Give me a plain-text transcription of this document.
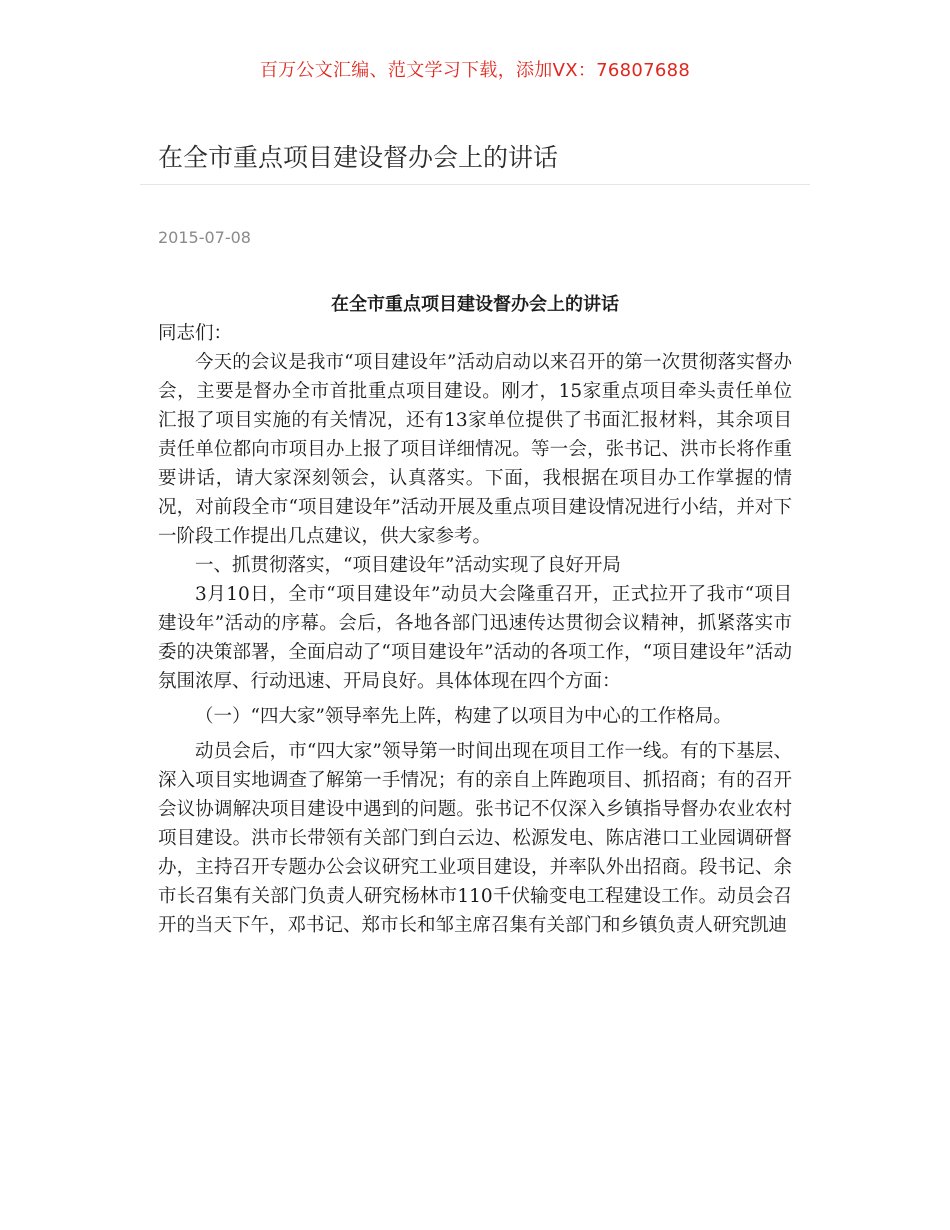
百万公文汇编、范文学习下载，添加VX：76807688
在全市重点项目建设督办会上的讲话
2015-07-08
在全市重点项目建设督办会上的讲话

同志们：

今天的会议是我市“项目建设年”活动启动以来召开的第一次贯彻落实督办会，主要是督办全市首批重点项目建设。刚才，15家重点项目牵头责任单位汇报了项目实施的有关情况，还有13家单位提供了书面汇报材料，其余项目责任单位都向市项目办上报了项目详细情况。等一会，张书记、洪市长将作重要讲话，请大家深刻领会，认真落实。下面，我根据在项目办工作掌握的情况，对前段全市“项目建设年”活动开展及重点项目建设情况进行小结，并对下一阶段工作提出几点建议，供大家参考。

一、抓贯彻落实，“项目建设年”活动实现了良好开局

3月10日，全市“项目建设年”动员大会隆重召开，正式拉开了我市“项目建设年”活动的序幕。会后，各地各部门迅速传达贯彻会议精神，抓紧落实市委的决策部署，全面启动了“项目建设年”活动的各项工作，“项目建设年”活动氛围浓厚、行动迅速、开局良好。具体体现在四个方面：

（一）“四大家”领导率先上阵，构建了以项目为中心的工作格局。

动员会后，市“四大家”领导第一时间出现在项目工作一线。有的下基层、深入项目实地调查了解第一手情况；有的亲自上阵跑项目、抓招商；有的召开会议协调解决项目建设中遇到的问题。张书记不仅深入乡镇指导督办农业农村项目建设。洪市长带领有关部门到白云边、松源发电、陈店港口工业园调研督办，主持召开专题办公会议研究工业项目建设，并率队外出招商。段书记、余市长召集有关部门负责人研究杨林市110千伏输变电工程建设工作。动员会召开的当天下午，邓书记、郑市长和邹主席召集有关部门和乡镇负责人研究凯迪
